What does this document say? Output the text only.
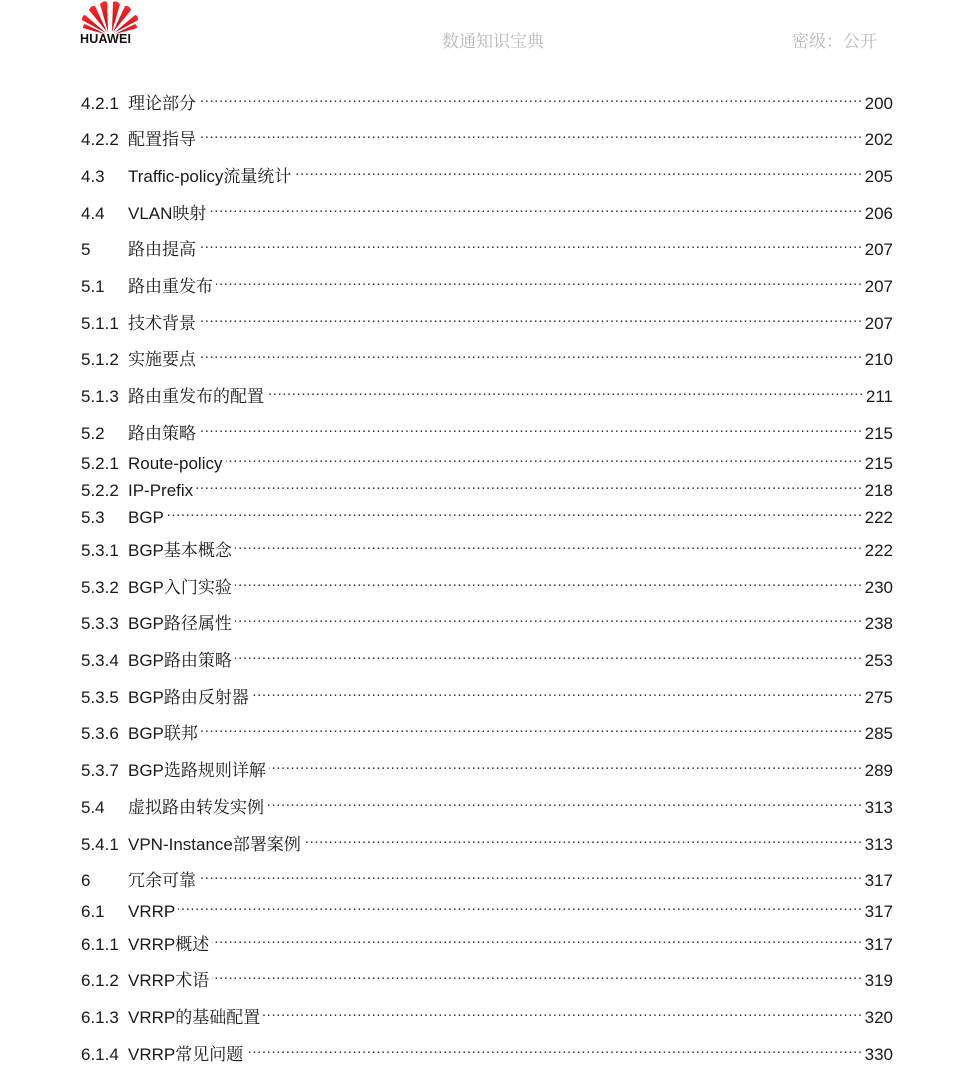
HUAWEI	数通知识宝典	密级：公开
4.2.1 理论部分 .....	200
4.2.2 配置指导 .....	202
4.3	Traffic-policy流量统计 .....	205
4.4	VLAN映射 .....	206
5	路由提高 .....	207
5.1	路由重发布 .....	207
5.1.1 技术背景 .....	207
5.1.2 实施要点 .....	210
5.1.3 路由重发布的配置 .....	211
5.2	路由策略 .....	215
5.2.1 Route-policy .....	215
5.2.2 IP-Prefix .....	218
5.3	BGP .....	222
5.3.1 BGP基本概念 .....	222
5.3.2 BGP入门实验 .....	230
5.3.3 BGP路径属性 .....	238
5.3.4 BGP路由策略 .....	253
5.3.5 BGP路由反射器 .....	275
5.3.6 BGP联邦 .....	285
5.3.7 BGP选路规则详解 .....	289
5.4	虚拟路由转发实例 .....	313
5.4.1 VPN-Instance部署案例 .....	313
6	冗余可靠 .....	317
6.1	VRRP .....	317
6.1.1 VRRP概述 .....	317
6.1.2 VRRP术语 .....	319
6.1.3 VRRP的基础配置 .....	320
6.1.4 VRRP常见问题 .....	330
